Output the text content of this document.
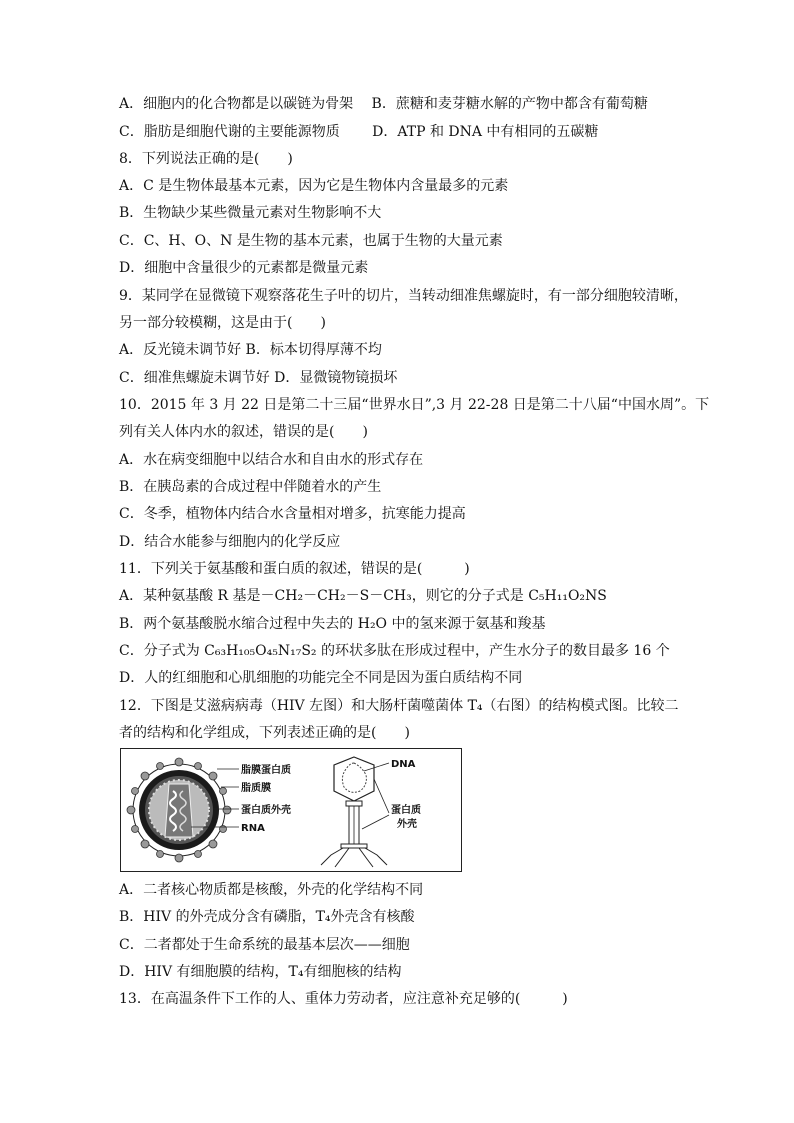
A．细胞内的化合物都是以碳链为骨架　 B．蔗糖和麦芽糖水解的产物中都含有葡萄糖
C．脂肪是细胞代谢的主要能源物质　　 D．ATP 和 DNA 中有相同的五碳糖
8．下列说法正确的是(　　)
A．C 是生物体最基本元素，因为它是生物体内含量最多的元素
B．生物缺少某些微量元素对生物影响不大
C．C、H、O、N 是生物的基本元素，也属于生物的大量元素
D．细胞中含量很少的元素都是微量元素
9．某同学在显微镜下观察落花生子叶的切片，当转动细准焦螺旋时，有一部分细胞较清晰，
另一部分较模糊，这是由于(　　)
A．反光镜未调节好 B．标本切得厚薄不均
C．细准焦螺旋未调节好 D．显微镜物镜损坏
10．2015 年 3 月 22 日是第二十三届“世界水日”,3 月 22-28 日是第二十八届“中国水周”。下
列有关人体内水的叙述，错误的是(　　)
A．水在病变细胞中以结合水和自由水的形式存在
B．在胰岛素的合成过程中伴随着水的产生
C．冬季，植物体内结合水含量相对增多，抗寒能力提高
D．结合水能参与细胞内的化学反应
11．下列关于氨基酸和蛋白质的叙述，错误的是(　　　)
A．某种氨基酸 R 基是－CH₂－CH₂－S－CH₃，则它的分子式是 C₅H₁₁O₂NS
B．两个氨基酸脱水缩合过程中失去的 H₂O 中的氢来源于氨基和羧基
C．分子式为 C₆₃H₁₀₅O₄₅N₁₇S₂ 的环状多肽在形成过程中，产生水分子的数目最多 16 个
D．人的红细胞和心肌细胞的功能完全不同是因为蛋白质结构不同
12．下图是艾滋病病毒（HIV 左图）和大肠杆菌噬菌体 T₄（右图）的结构模式图。比较二
者的结构和化学组成，下列表述正确的是(　　)
脂膜蛋白质
脂质膜
蛋白质外壳
RNA
DNA
蛋白质
外壳
A．二者核心物质都是核酸，外壳的化学结构不同
B．HIV 的外壳成分含有磷脂，T₄外壳含有核酸
C．二者都处于生命系统的最基本层次——细胞
D．HIV 有细胞膜的结构，T₄有细胞核的结构
13．在高温条件下工作的人、重体力劳动者，应注意补充足够的(　　　)
